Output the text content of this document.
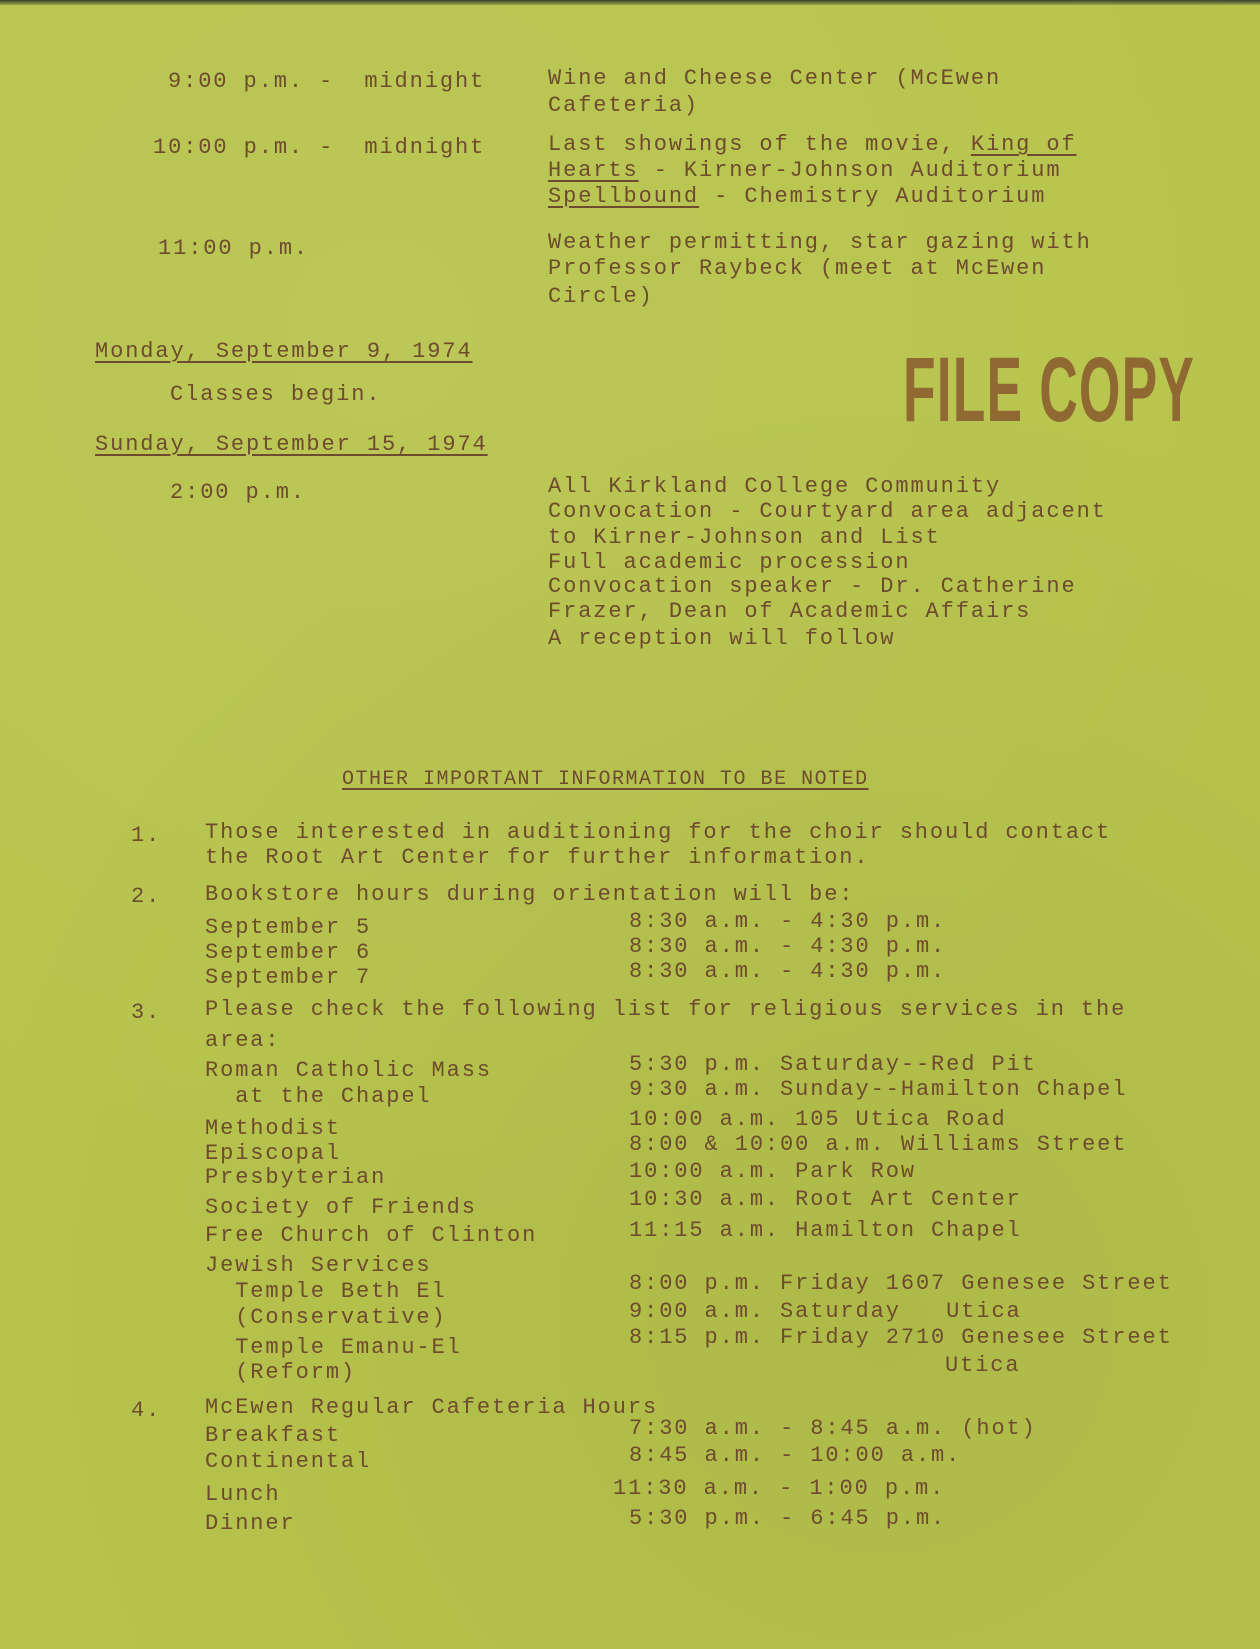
9:00 p.m. -  midnight	Wine and Cheese Center (McEwen
Cafeteria)
10:00 p.m. -  midnight	Last showings of the movie, King of
Hearts - Kirner-Johnson Auditorium
Spellbound - Chemistry Auditorium
11:00 p.m.	Weather permitting, star gazing with
Professor Raybeck (meet at McEwen
Circle)
Monday, September 9, 1974
Classes begin.
Sunday, September 15, 1974
2:00 p.m.	All Kirkland College Community
Convocation - Courtyard area adjacent
to Kirner-Johnson and List
Full academic procession
Convocation speaker - Dr. Catherine
Frazer, Dean of Academic Affairs
A reception will follow
FILE COPY
OTHER IMPORTANT INFORMATION TO BE NOTED
1. Those interested in auditioning for the choir should contact
the Root Art Center for further information.
2. Bookstore hours during orientation will be:
September 5	8:30 a.m. - 4:30 p.m.
September 6	8:30 a.m. - 4:30 p.m.
September 7	8:30 a.m. - 4:30 p.m.
3. Please check the following list for religious services in the
area:
Roman Catholic Mass	5:30 p.m. Saturday--Red Pit
at the Chapel	9:30 a.m. Sunday--Hamilton Chapel
Methodist	10:00 a.m. 105 Utica Road
Episcopal	8:00 & 10:00 a.m. Williams Street
Presbyterian	10:00 a.m. Park Row
Society of Friends	10:30 a.m. Root Art Center
Free Church of Clinton	11:15 a.m. Hamilton Chapel
Jewish Services
Temple Beth El	8:00 p.m. Friday 1607 Genesee Street
(Conservative)	9:00 a.m. Saturday   Utica
Temple Emanu-El	8:15 p.m. Friday 2710 Genesee Street
(Reform)	Utica
4. McEwen Regular Cafeteria Hours
Breakfast	7:30 a.m. - 8:45 a.m. (hot)
Continental	8:45 a.m. - 10:00 a.m.
Lunch	11:30 a.m. - 1:00 p.m.
Dinner	5:30 p.m. - 6:45 p.m.
